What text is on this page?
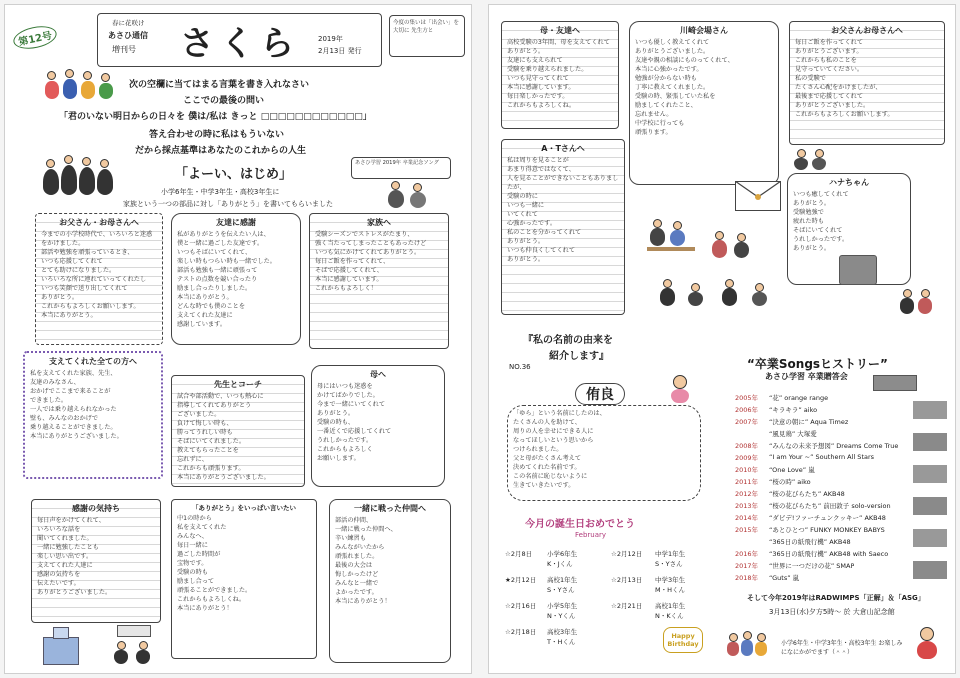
第12号
春に花咲け
あさひ通信
増刊号 さくら	2019年
2月13日 発行
今度の集いは「出会い」を大切に 先生方と
次の空欄に当てはまる言葉を書き入れなさい
ここでの最後の問い
「君のいない明日からの日々を 僕は/私は きっと □□□□□□□□□□□□」
答え合わせの時に私はもういない
だから採点基準はあなたのこれからの人生
あさひ学習 2019年 卒業記念ソング
「よーい、はじめ」
小学6年生・中学3年生・高校3年生に
家族という一つの部品に対し「ありがとう」を書いてもらいました
お父さん・お母さんへ
今までの小学校時代で、いろいろと迷惑をかけました。
部活や勉強を頑張っているとき、
いつも応援してくれて
とても助けになりました。
いろいろな所に連れていってくれたし
いつも笑顔で送り出してくれて
ありがとう。
これからもよろしくお願いします。
本当にありがとう。
友達に感謝
私がありがとうを伝えたい人は、
僕と一緒に過ごした友達です。
いつもそばにいてくれて、
楽しい時もつらい時も一緒でした。
部活も勉強も一緒に頑張って
テストの点数を競い合ったり
励まし合ったりしました。
本当にありがとう。
どんな時でも僕のことを
支えてくれた友達に
感謝しています。
家族へ
受験シーズンでストレスがたまり、
強く当たってしまったこともあったけど
いつも気にかけてくれてありがとう。
毎日ご飯を作ってくれて、
そばで応援してくれて、
本当に感謝しています。
これからもよろしく！
支えてくれた全ての方へ
私を支えてくれた家族、先生、
友達のみなさん、
おかげでここまで来ることが
できました。
一人では乗り越えられなかった
壁も、みんなのおかげで
乗り越えることができました。
本当にありがとうございました。
先生とコーチ
試合や部活動で、いつも熱心に
指導してくれてありがとう
ございました。
負けて悔しい時も、
勝ってうれしい時も
そばにいてくれました。
教えてもらったことを
忘れずに、
これからも頑張ります。
本当にありがとうございました。
母へ
母にはいつも迷惑を
かけてばかりでした。
今まで一緒にいてくれて
ありがとう。
受験の時も、
一番近くで応援してくれて
うれしかったです。
これからもよろしく
お願いします。
感謝の気持ち
毎日声をかけてくれて、
いろいろな話を
聞いてくれました。
一緒に勉強したことも
楽しい思い出です。
支えてくれた人達に
感謝の気持ちを
伝えたいです。
ありがとうございました。
「ありがとう」をいっぱい言いたい
中1の時から
私を支えてくれた
みんなへ、
毎日一緒に
過ごした時間が
宝物です。
受験の時も
励まし合って
頑張ることができました。
これからもよろしくね。
本当にありがとう！
一緒に戦った仲間へ
部活の仲間、
一緒に戦った仲間へ、
辛い練習も
みんながいたから
頑張れました。
最後の大会は
悔しかったけど
みんなと一緒で
よかったです。
本当にありがとう！
母・友達へ
高校受験の3年間、母を支えてくれてありがとう。
友達にも支えられて
受験を乗り越えられました。
いつも見守ってくれて
本当に感謝しています。
毎日楽しかったです。
これからもよろしくね。
川崎会場さん
いつも優しく教えてくれて
ありがとうございました。
友達や親の相談にものってくれて、
本当に心強かったです。
勉強が分からない時も
丁寧に教えてくれました。
受験の時、緊張していた私を
励ましてくれたこと、
忘れません。
中学校に行っても
頑張ります。
お父さんお母さんへ
毎日ご飯を作ってくれて
ありがとうございます。
これからも私のことを
見守っていてください。
私の受験で
たくさん心配をかけましたが、
最後まで応援してくれて
ありがとうございました。
これからもよろしくお願いします。
A・Tさんへ
私は周りを見ることが
あまり得意ではなくて、
人を見ることができないこともありましたが、
受験の時に
いつも一緒に
いてくれて
心強かったです。
私のことを分かってくれて
ありがとう。
いつも仲良くしてくれて
ありがとう。
ハナちゃん
いつも癒してくれて
ありがとう。
受験勉強で
疲れた時も
そばにいてくれて
うれしかったです。
ありがとう。
『私の名前の由来を
紹介します』
NO.36
侑良
「ゆら」という名前にしたのは、
たくさんの人を助けて、
周りの人を幸せにできる人に
なってほしいという思いから
つけられました。
父と母がたくさん考えて
決めてくれた名前です。
この名前に恥じないように
生きていきたいです。
今月の誕生日おめでとう
February
☆2月8日 小学6年生
K・Jくん
☆2月12日 中学1年生
S・Yさん
★2月12日 高校1年生
S・Yさん
☆2月13日 中学3年生
M・Hくん
☆2月16日 小学5年生
N・Yくん
☆2月21日 高校1年生
N・Kくん
☆2月18日 高校3年生
T・Hくん
Happy Birthday
“卒業Songsヒストリー”
あさひ学習 卒業贈答会
2005年 “花” orange range
2006年 “キラキラ” aiko
2007年 “決意の朝に” Aqua Timez
“風見鶏” 大塚愛
2008年 “みんなの未来予想図” Dreams Come True
2009年 “I am Your ~” Southern All Stars
2010年 “One Love” 嵐
2011年 “桜の時” aiko
2012年 “桜の花びらたち” AKB48
2013年 “桜の花びらたち” 前田敦子 solo-version
2014年 “ダビデ!ファーチュンクッキー” AKB48
2015年 “あとひとつ” FUNKY MONKEY BABYS
“365日の紙飛行機” AKB48
2016年 “365日の紙飛行機” AKB48 with Saeco
2017年 “世界に一つだけの花” SMAP
2018年 “Guts” 嵐
そして今年2019年はRADWIMPS「正解」＆「ASG」
3月13日(水)夕方5時～ 於 大倉山記念館
小学6年生・中学3年生・高校3年生 お楽しみになにかがでます（＾＾）
